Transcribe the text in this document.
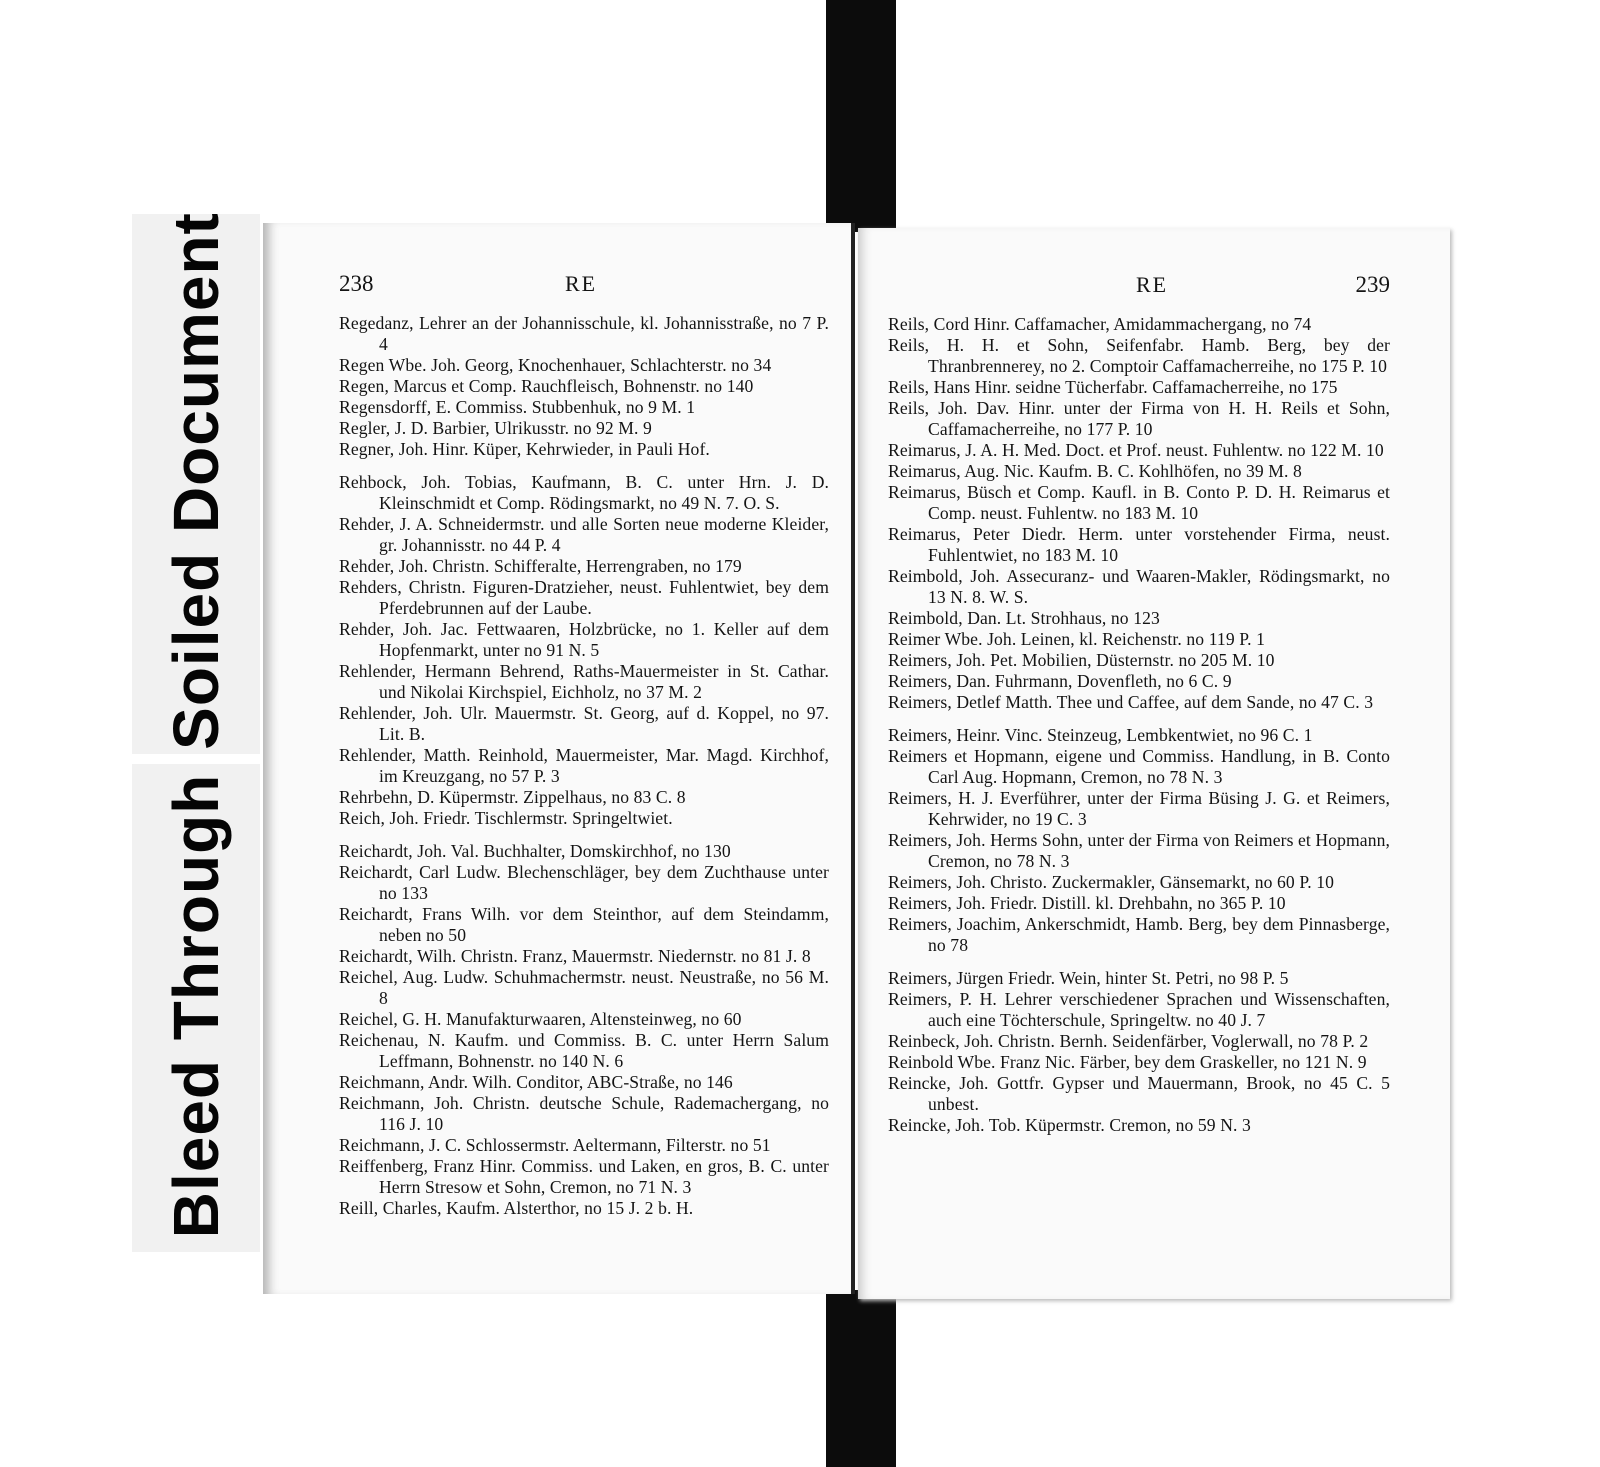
Soiled Document
Bleed Through
238	RE

Regedanz, Lehrer an der Johannisschule, kl. Johannisstraße, no 7 P. 4

Regen Wbe. Joh. Georg, Knochenhauer, Schlachterstr. no 34

Regen, Marcus et Comp. Rauchfleisch, Bohnenstr. no 140

Regensdorff, E. Commiss. Stubbenhuk, no 9 M. 1

Regler, J. D. Barbier, Ulrikusstr. no 92 M. 9

Regner, Joh. Hinr. Küper, Kehrwieder, in Pauli Hof.

Rehbock, Joh. Tobias, Kaufmann, B. C. unter Hrn. J. D. Kleinschmidt et Comp. Rödingsmarkt, no 49 N. 7. O. S.

Rehder, J. A. Schneidermstr. und alle Sorten neue moderne Kleider, gr. Johannisstr. no 44 P. 4

Rehder, Joh. Christn. Schifferalte, Herrengraben, no 179

Rehders, Christn. Figuren-Dratzieher, neust. Fuhlentwiet, bey dem Pferdebrunnen auf der Laube.

Rehder, Joh. Jac. Fettwaaren, Holzbrücke, no 1. Keller auf dem Hopfenmarkt, unter no 91 N. 5

Rehlender, Hermann Behrend, Raths-Mauermeister in St. Cathar. und Nikolai Kirchspiel, Eichholz, no 37 M. 2

Rehlender, Joh. Ulr. Mauermstr. St. Georg, auf d. Koppel, no 97. Lit. B.

Rehlender, Matth. Reinhold, Mauermeister, Mar. Magd. Kirchhof, im Kreuzgang, no 57 P. 3

Rehrbehn, D. Küpermstr. Zippelhaus, no 83 C. 8

Reich, Joh. Friedr. Tischlermstr. Springeltwiet.

Reichardt, Joh. Val. Buchhalter, Domskirchhof, no 130

Reichardt, Carl Ludw. Blechenschläger, bey dem Zuchthause unter no 133

Reichardt, Frans Wilh. vor dem Steinthor, auf dem Steindamm, neben no 50

Reichardt, Wilh. Christn. Franz, Mauermstr. Niedernstr. no 81 J. 8

Reichel, Aug. Ludw. Schuhmachermstr. neust. Neustraße, no 56 M. 8

Reichel, G. H. Manufakturwaaren, Altensteinweg, no 60

Reichenau, N. Kaufm. und Commiss. B. C. unter Herrn Salum Leffmann, Bohnenstr. no 140 N. 6

Reichmann, Andr. Wilh. Conditor, ABC-Straße, no 146

Reichmann, Joh. Christn. deutsche Schule, Rademachergang, no 116 J. 10

Reichmann, J. C. Schlossermstr. Aeltermann, Filterstr. no 51

Reiffenberg, Franz Hinr. Commiss. und Laken, en gros, B. C. unter Herrn Stresow et Sohn, Cremon, no 71 N. 3

Reill, Charles, Kaufm. Alsterthor, no 15 J. 2 b. H.

RE	239

Reils, Cord Hinr. Caffamacher, Amidammachergang, no 74

Reils, H. H. et Sohn, Seifenfabr. Hamb. Berg, bey der Thranbrennerey, no 2. Comptoir Caffamacherreihe, no 175 P. 10

Reils, Hans Hinr. seidne Tücherfabr. Caffamacherreihe, no 175

Reils, Joh. Dav. Hinr. unter der Firma von H. H. Reils et Sohn, Caffamacherreihe, no 177 P. 10

Reimarus, J. A. H. Med. Doct. et Prof. neust. Fuhlentw. no 122 M. 10

Reimarus, Aug. Nic. Kaufm. B. C. Kohlhöfen, no 39 M. 8

Reimarus, Büsch et Comp. Kaufl. in B. Conto P. D. H. Reimarus et Comp. neust. Fuhlentw. no 183 M. 10

Reimarus, Peter Diedr. Herm. unter vorstehender Firma, neust. Fuhlentwiet, no 183 M. 10

Reimbold, Joh. Assecuranz- und Waaren-Makler, Rödingsmarkt, no 13 N. 8. W. S.

Reimbold, Dan. Lt. Strohhaus, no 123

Reimer Wbe. Joh. Leinen, kl. Reichenstr. no 119 P. 1

Reimers, Joh. Pet. Mobilien, Düsternstr. no 205 M. 10

Reimers, Dan. Fuhrmann, Dovenfleth, no 6 C. 9

Reimers, Detlef Matth. Thee und Caffee, auf dem Sande, no 47 C. 3

Reimers, Heinr. Vinc. Steinzeug, Lembkentwiet, no 96 C. 1

Reimers et Hopmann, eigene und Commiss. Handlung, in B. Conto Carl Aug. Hopmann, Cremon, no 78 N. 3

Reimers, H. J. Everführer, unter der Firma Büsing J. G. et Reimers, Kehrwider, no 19 C. 3

Reimers, Joh. Herms Sohn, unter der Firma von Reimers et Hopmann, Cremon, no 78 N. 3

Reimers, Joh. Christo. Zuckermakler, Gänsemarkt, no 60 P. 10

Reimers, Joh. Friedr. Distill. kl. Drehbahn, no 365 P. 10

Reimers, Joachim, Ankerschmidt, Hamb. Berg, bey dem Pinnasberge, no 78

Reimers, Jürgen Friedr. Wein, hinter St. Petri, no 98 P. 5

Reimers, P. H. Lehrer verschiedener Sprachen und Wissenschaften, auch eine Töchterschule, Springeltw. no 40 J. 7

Reinbeck, Joh. Christn. Bernh. Seidenfärber, Voglerwall, no 78 P. 2

Reinbold Wbe. Franz Nic. Färber, bey dem Graskeller, no 121 N. 9

Reincke, Joh. Gottfr. Gypser und Mauermann, Brook, no 45 C. 5 unbest.

Reincke, Joh. Tob. Küpermstr. Cremon, no 59 N. 3
